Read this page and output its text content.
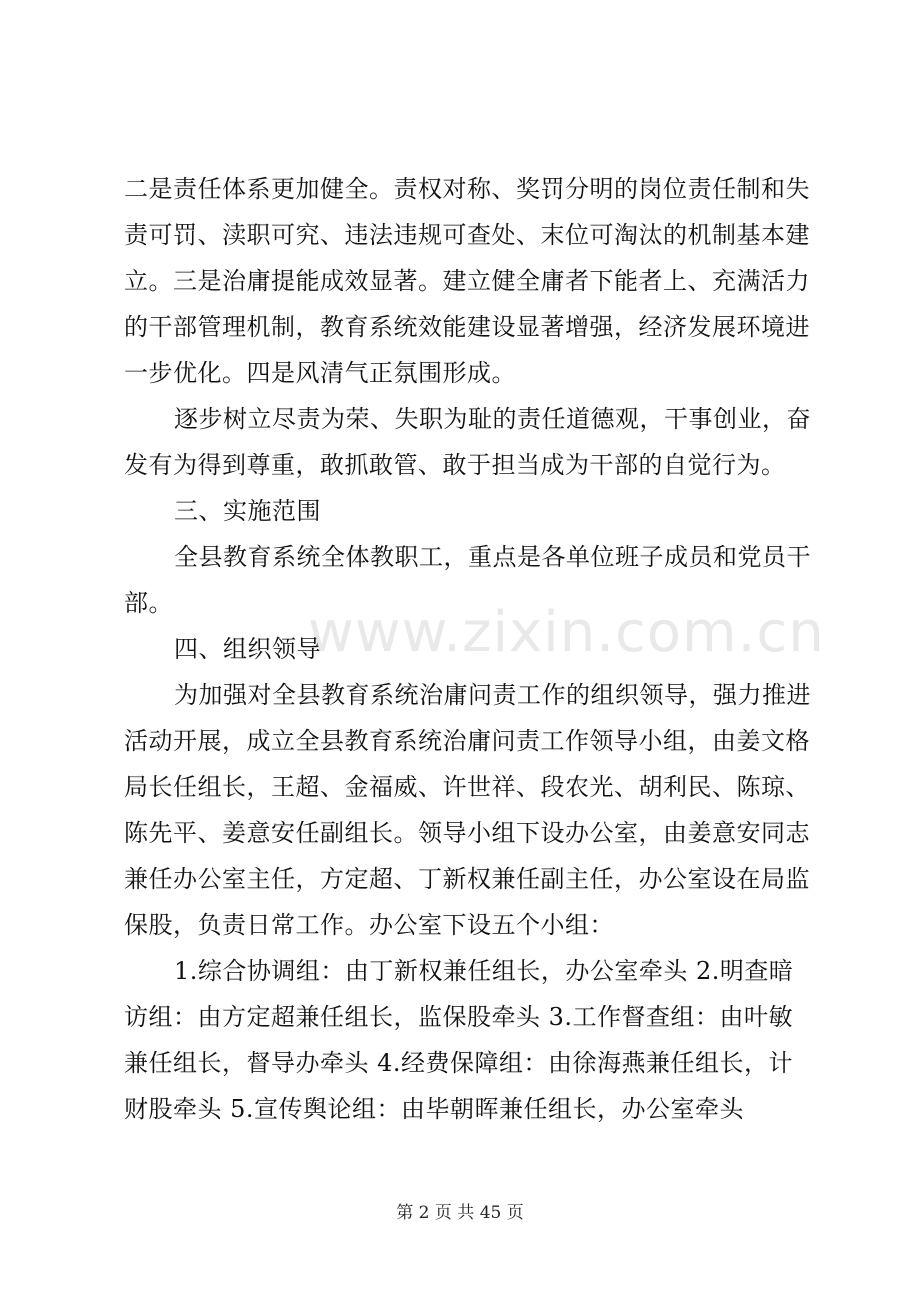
二是责任体系更加健全。责权对称、奖罚分明的岗位责任制和失
责可罚、渎职可究、违法违规可查处、末位可淘汰的机制基本建
立。三是治庸提能成效显著。建立健全庸者下能者上、充满活力
的干部管理机制，教育系统效能建设显著增强，经济发展环境进
一步优化。四是风清气正氛围形成。
逐步树立尽责为荣、失职为耻的责任道德观，干事创业，奋
发有为得到尊重，敢抓敢管、敢于担当成为干部的自觉行为。
三、实施范围
全县教育系统全体教职工，重点是各单位班子成员和党员干
部。
四、组织领导
为加强对全县教育系统治庸问责工作的组织领导，强力推进
活动开展，成立全县教育系统治庸问责工作领导小组，由姜文格
局长任组长，王超、金福威、许世祥、段农光、胡利民、陈琼、
陈先平、姜意安任副组长。领导小组下设办公室，由姜意安同志
兼任办公室主任，方定超、丁新权兼任副主任，办公室设在局监
保股，负责日常工作。办公室下设五个小组：
1.综合协调组：由丁新权兼任组长，办公室牵头 2.明查暗
访组：由方定超兼任组长，监保股牵头 3.工作督查组：由叶敏
兼任组长，督导办牵头 4.经费保障组：由徐海燕兼任组长，计
财股牵头 5.宣传舆论组：由毕朝晖兼任组长，办公室牵头
www.zixin.com.cn
第 2 页 共 45 页
